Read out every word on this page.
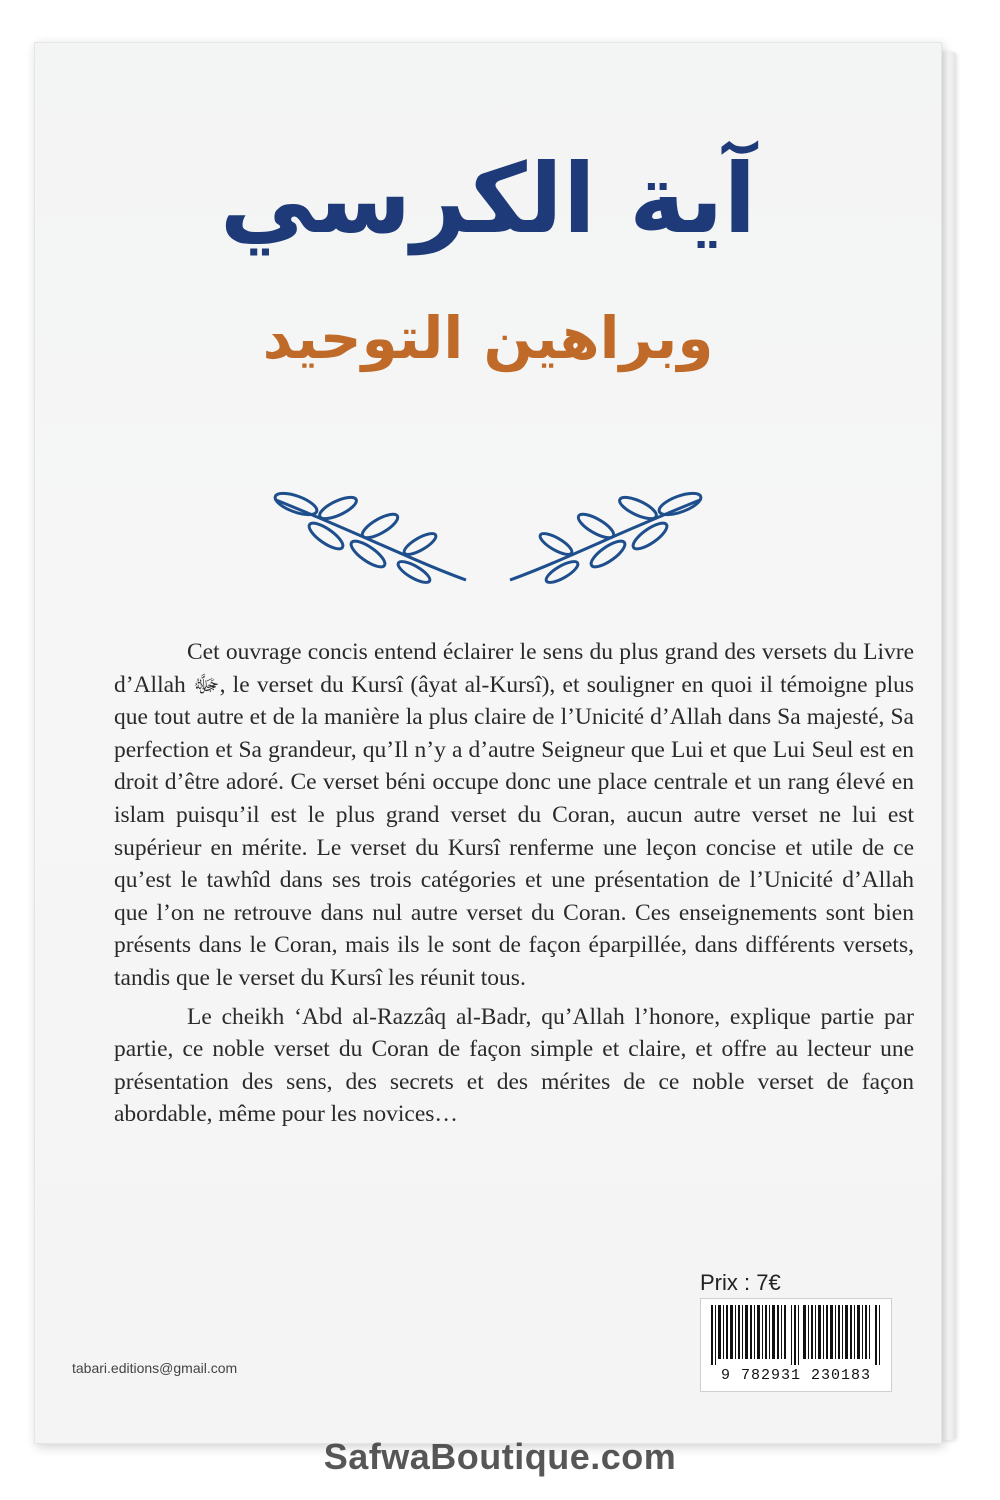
آية الكرسي
وبراهين التوحيد

Cet ouvrage concis entend éclairer le sens du plus grand des versets du Livre d’Allah ﷻ, le verset du Kursî (âyat al-Kursî), et souligner en quoi il témoigne plus que tout autre et de la manière la plus claire de l’Unicité d’Allah dans Sa majesté, Sa perfection et Sa grandeur, qu’Il n’y a d’autre Seigneur que Lui et que Lui Seul est en droit d’être adoré. Ce verset béni occupe donc une place centrale et un rang élevé en islam puisqu’il est le plus grand verset du Coran, aucun autre verset ne lui est supérieur en mérite. Le verset du Kursî renferme une leçon concise et utile de ce qu’est le tawhîd dans ses trois catégories et une présentation de l’Unicité d’Allah que l’on ne retrouve dans nul autre verset du Coran. Ces enseignements sont bien présents dans le Coran, mais ils le sont de façon éparpillée, dans différents versets, tandis que le verset du Kursî les réunit tous.

Le cheikh ‘Abd al-Razzâq al-Badr, qu’Allah l’honore, explique partie par partie, ce noble verset du Coran de façon simple et claire, et offre au lecteur une présentation des sens, des secrets et des mérites de ce noble verset de façon abordable, même pour les novices…

Prix : 7€
9 782931 230183
tabari.editions@gmail.com
SafwaBoutique.com
